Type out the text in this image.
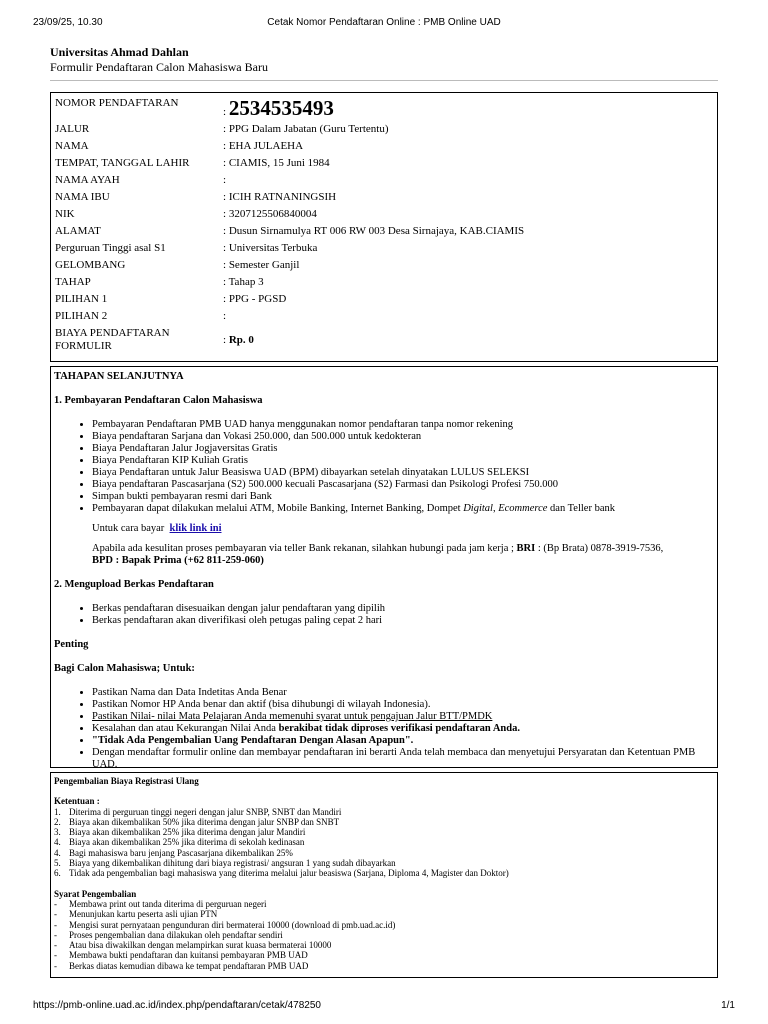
23/09/25, 10.30	Cetak Nomor Pendaftaran Online : PMB Online UAD
Universitas Ahmad Dahlan
Formulir Pendaftaran Calon Mahasiswa Baru
NOMOR PENDAFTARAN	: 2534535493
JALUR	: PPG Dalam Jabatan (Guru Tertentu)
NAMA	: EHA JULAEHA
TEMPAT, TANGGAL LAHIR	: CIAMIS, 15 Juni 1984
NAMA AYAH	:
NAMA IBU	: ICIH RATNANINGSIH
NIK	: 3207125506840004
ALAMAT	: Dusun Sirnamulya RT 006 RW 003 Desa Sirnajaya, KAB.CIAMIS
Perguruan Tinggi asal S1	: Universitas Terbuka
GELOMBANG	: Semester Ganjil
TAHAP	: Tahap 3
PILIHAN 1	: PPG - PGSD
PILIHAN 2	:
BIAYA PENDAFTARAN FORMULIR	: Rp. 0

TAHAPAN SELANJUTNYA

1. Pembayaran Pendaftaran Calon Mahasiswa

• Pembayaran Pendaftaran PMB UAD hanya menggunakan nomor pendaftaran tanpa nomor rekening
• Biaya pendaftaran Sarjana dan Vokasi 250.000, dan 500.000 untuk kedokteran
• Biaya Pendaftaran Jalur Jogjaversitas Gratis
• Biaya Pendaftaran KIP Kuliah Gratis
• Biaya Pendaftaran untuk Jalur Beasiswa UAD (BPM) dibayarkan setelah dinyatakan LULUS SELEKSI
• Biaya pendaftaran Pascasarjana (S2) 500.000 kecuali Pascasarjana (S2) Farmasi dan Psikologi Profesi 750.000
• Simpan bukti pembayaran resmi dari Bank
• Pembayaran dapat dilakukan melalui ATM, Mobile Banking, Internet Banking, Dompet Digital, Ecommerce dan Teller bank

Untuk cara bayar klik link ini

Apabila ada kesulitan proses pembayaran via teller Bank rekanan, silahkan hubungi pada jam kerja ; BRI : (Bp Brata) 0878-3919-7536,

BPD : Bapak Prima (+62 811-259-060)

2. Mengupload Berkas Pendaftaran

• Berkas pendaftaran disesuaikan dengan jalur pendaftaran yang dipilih
• Berkas pendaftaran akan diverifikasi oleh petugas paling cepat 2 hari

Penting

Bagi Calon Mahasiswa; Untuk:

• Pastikan Nama dan Data Indetitas Anda Benar
• Pastikan Nomor HP Anda benar dan aktif (bisa dihubungi di wilayah Indonesia).
• Pastikan Nilai- nilai Mata Pelajaran Anda memenuhi syarat untuk pengajuan Jalur BTT/PMDK
• Kesalahan dan atau Kekurangan Nilai Anda berakibat tidak diproses verifikasi pendaftaran Anda.
• "Tidak Ada Pengembalian Uang Pendaftaran Dengan Alasan Apapun".
• Dengan mendaftar formulir online dan membayar pendaftaran ini berarti Anda telah membaca dan menyetujui Persyaratan dan Ketentuan PMB UAD.

Pengembalian Biaya Registrasi Ulang

Ketentuan :

1. Diterima di perguruan tinggi negeri dengan jalur SNBP, SNBT dan Mandiri
2. Biaya akan dikembalikan 50% jika diterima dengan jalur SNBP dan SNBT
3. Biaya akan dikembalikan 25% jika diterima dengan jalur Mandiri
4. Biaya akan dikembalikan 25% jika diterima di sekolah kedinasan
4. Bagi mahasiswa baru jenjang Pascasarjana dikembalikan 25%
5. Biaya yang dikembalikan dihitung dari biaya registrasi/ angsuran 1 yang sudah dibayarkan
6. Tidak ada pengembalian bagi mahasiswa yang diterima melalui jalur beasiswa (Sarjana, Diploma 4, Magister dan Doktor)

Syarat Pengembalian

-	Membawa print out tanda diterima di perguruan negeri
-	Menunjukan kartu peserta asli ujian PTN
-	Mengisi surat pernyataan pengunduran diri bermaterai 10000 (download di pmb.uad.ac.id)
-	Proses pengembalian dana dilakukan oleh pendaftar sendiri
-	Atau bisa diwakilkan dengan melampirkan surat kuasa bermaterai 10000
-	Membawa bukti pendaftaran dan kuitansi pembayaran PMB UAD
-	Berkas diatas kemudian dibawa ke tempat pendaftaran PMB UAD
https://pmb-online.uad.ac.id/index.php/pendaftaran/cetak/478250	1/1
